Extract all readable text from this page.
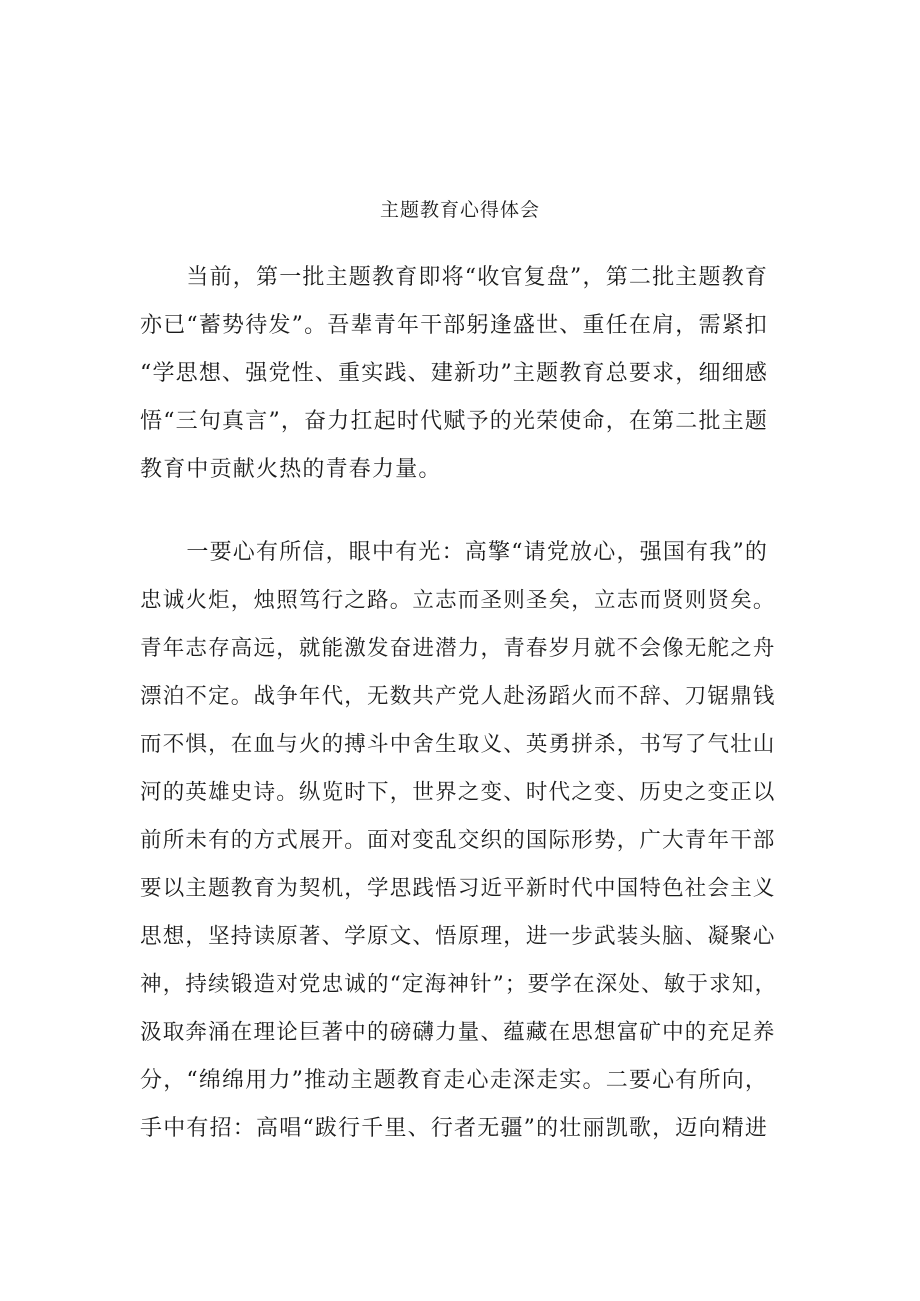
主题教育心得体会
　　当前，第一批主题教育即将“收官复盘”，第二批主题教育
亦已“蓄势待发”。吾辈青年干部躬逢盛世、重任在肩，需紧扣
“学思想、强党性、重实践、建新功”主题教育总要求，细细感
悟“三句真言”，奋力扛起时代赋予的光荣使命，在第二批主题
教育中贡献火热的青春力量。
　　一要心有所信，眼中有光：高擎“请党放心，强国有我”的
忠诚火炬，烛照笃行之路。立志而圣则圣矣，立志而贤则贤矣。
青年志存高远，就能激发奋进潜力，青春岁月就不会像无舵之舟
漂泊不定。战争年代，无数共产党人赴汤蹈火而不辞、刀锯鼎钱
而不惧，在血与火的搏斗中舍生取义、英勇拼杀，书写了气壮山
河的英雄史诗。纵览时下，世界之变、时代之变、历史之变正以
前所未有的方式展开。面对变乱交织的国际形势，广大青年干部
要以主题教育为契机，学思践悟习近平新时代中国特色社会主义
思想，坚持读原著、学原文、悟原理，进一步武装头脑、凝聚心
神，持续锻造对党忠诚的“定海神针”；要学在深处、敏于求知，
汲取奔涌在理论巨著中的磅礴力量、蕴藏在思想富矿中的充足养
分，“绵绵用力”推动主题教育走心走深走实。二要心有所向，
手中有招：高唱“跋行千里、行者无疆”的壮丽凯歌，迈向精进
